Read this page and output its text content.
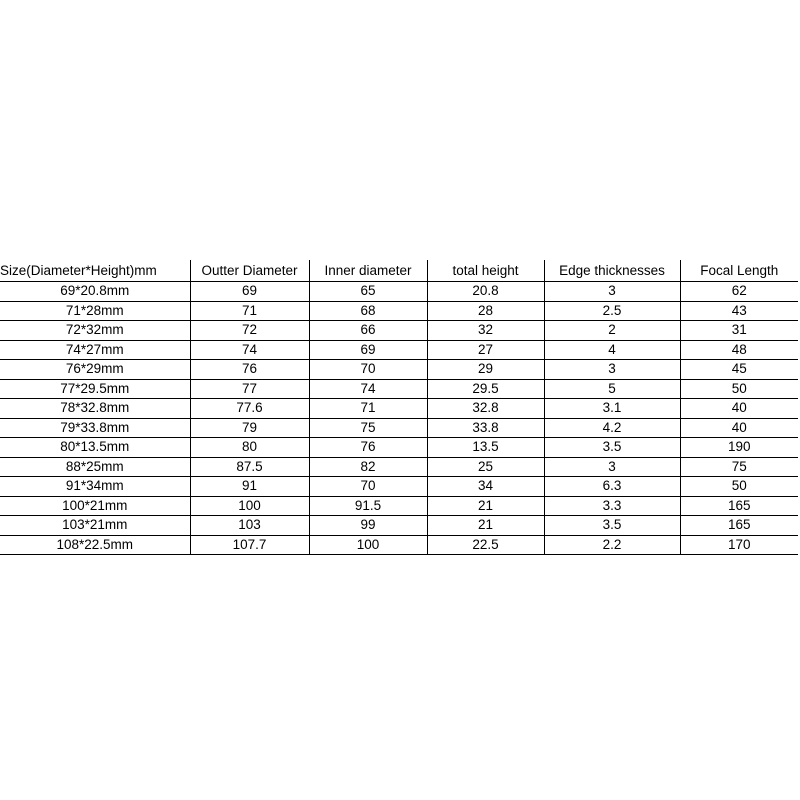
Size(Diameter*Height)mm	Outter Diameter	Inner diameter	total height	Edge thicknesses	Focal Length
69*20.8mm	69	65	20.8	3	62
71*28mm	71	68	28	2.5	43
72*32mm	72	66	32	2	31
74*27mm	74	69	27	4	48
76*29mm	76	70	29	3	45
77*29.5mm	77	74	29.5	5	50
78*32.8mm	77.6	71	32.8	3.1	40
79*33.8mm	79	75	33.8	4.2	40
80*13.5mm	80	76	13.5	3.5	190
88*25mm	87.5	82	25	3	75
91*34mm	91	70	34	6.3	50
100*21mm	100	91.5	21	3.3	165
103*21mm	103	99	21	3.5	165
108*22.5mm	107.7	100	22.5	2.2	170
